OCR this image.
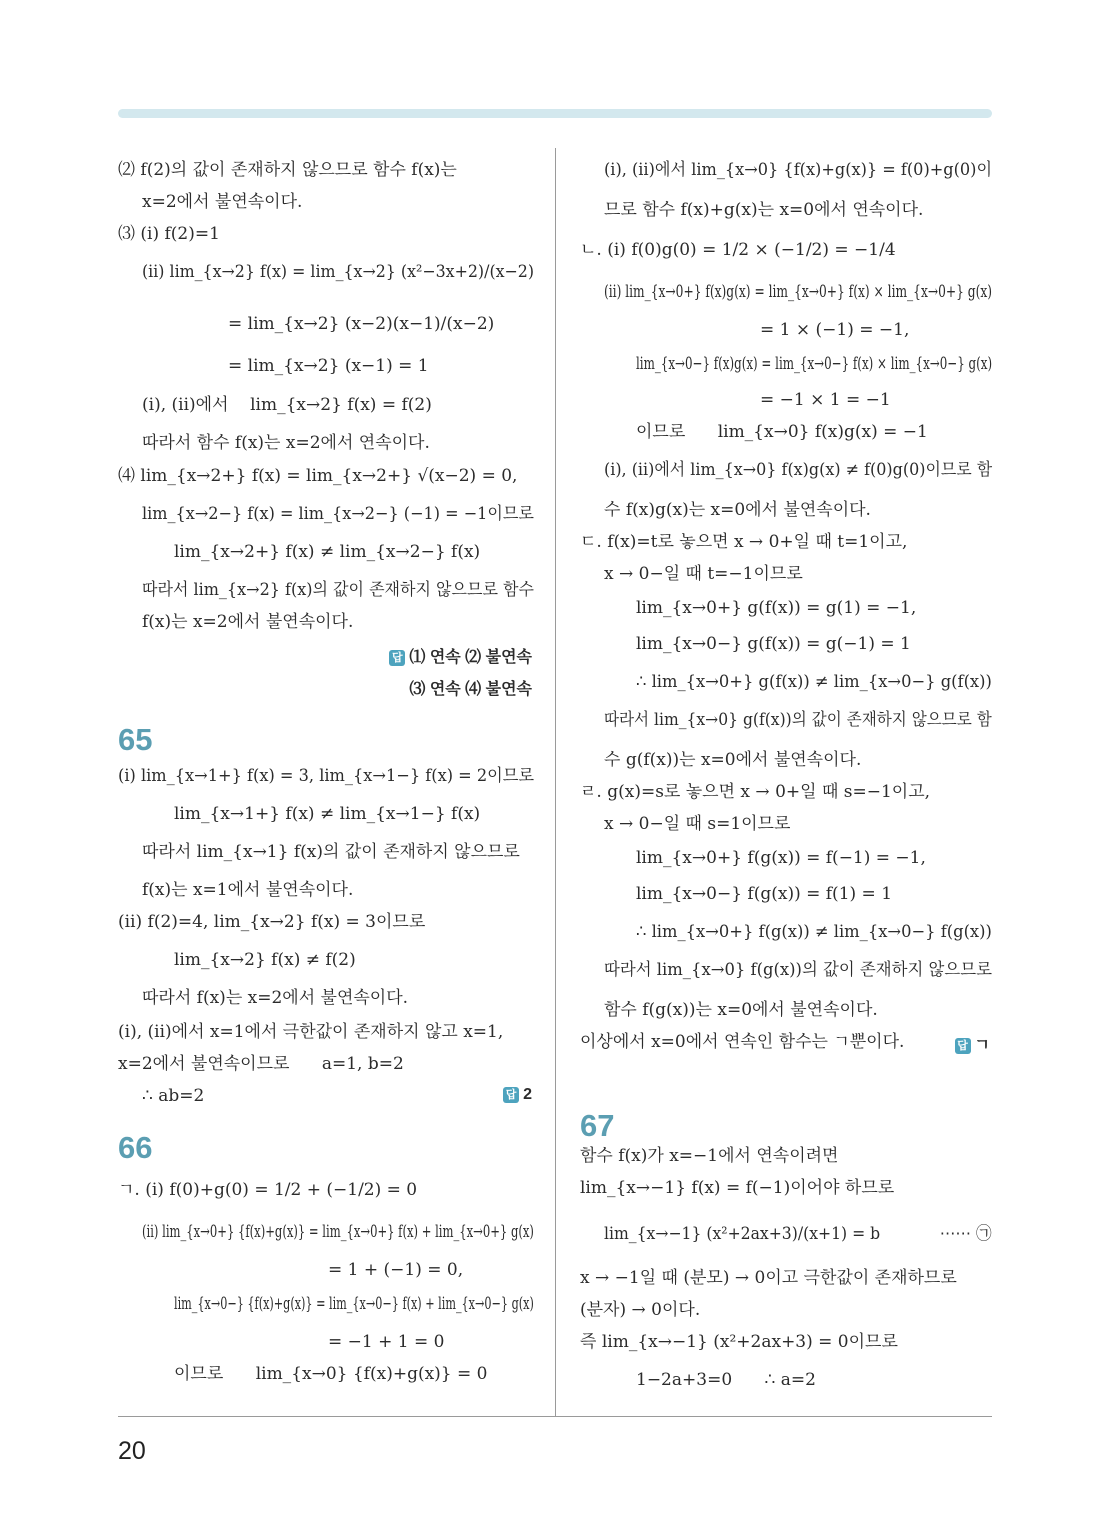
20
⑵ f(2)의 값이 존재하지 않으므로 함수 f(x)는
x=2에서 불연속이다.
⑶ (ⅰ) f(2)=1
(ⅱ) lim_{x→2} f(x) = lim_{x→2} (x²−3x+2)/(x−2)
= lim_{x→2} (x−2)(x−1)/(x−2)
= lim_{x→2} (x−1) = 1
(ⅰ), (ⅱ)에서    lim_{x→2} f(x) = f(2)
따라서 함수 f(x)는 x=2에서 연속이다.
⑷ lim_{x→2+} f(x) = lim_{x→2+} √(x−2) = 0,
lim_{x→2−} f(x) = lim_{x→2−} (−1) = −1이므로
lim_{x→2+} f(x) ≠ lim_{x→2−} f(x)
따라서 lim_{x→2} f(x)의 값이 존재하지 않으므로 함수
f(x)는 x=2에서 불연속이다.
답 ⑴ 연속 ⑵ 불연속
⑶ 연속 ⑷ 불연속
65
(ⅰ) lim_{x→1+} f(x) = 3, lim_{x→1−} f(x) = 2이므로
lim_{x→1+} f(x) ≠ lim_{x→1−} f(x)
따라서 lim_{x→1} f(x)의 값이 존재하지 않으므로
f(x)는 x=1에서 불연속이다.
(ⅱ) f(2)=4, lim_{x→2} f(x) = 3이므로
lim_{x→2} f(x) ≠ f(2)
따라서 f(x)는 x=2에서 불연속이다.
(ⅰ), (ⅱ)에서 x=1에서 극한값이 존재하지 않고 x=1,
x=2에서 불연속이므로      a=1, b=2
∴ ab=2	답 2
66
ㄱ. (ⅰ) f(0)+g(0) = 1/2 + (−1/2) = 0
(ⅱ) lim_{x→0+} {f(x)+g(x)} = lim_{x→0+} f(x) + lim_{x→0+} g(x)
= 1 + (−1) = 0,
lim_{x→0−} {f(x)+g(x)} = lim_{x→0−} f(x) + lim_{x→0−} g(x)
= −1 + 1 = 0
이므로      lim_{x→0} {f(x)+g(x)} = 0
(ⅰ), (ⅱ)에서 lim_{x→0} {f(x)+g(x)} = f(0)+g(0)이
므로 함수 f(x)+g(x)는 x=0에서 연속이다.
ㄴ. (ⅰ) f(0)g(0) = 1/2 × (−1/2) = −1/4
(ⅱ) lim_{x→0+} f(x)g(x) = lim_{x→0+} f(x) × lim_{x→0+} g(x)
= 1 × (−1) = −1,
lim_{x→0−} f(x)g(x) = lim_{x→0−} f(x) × lim_{x→0−} g(x)
= −1 × 1 = −1
이므로      lim_{x→0} f(x)g(x) = −1
(ⅰ), (ⅱ)에서 lim_{x→0} f(x)g(x) ≠ f(0)g(0)이므로 함
수 f(x)g(x)는 x=0에서 불연속이다.
ㄷ. f(x)=t로 놓으면 x → 0+일 때 t=1이고,
x → 0−일 때 t=−1이므로
lim_{x→0+} g(f(x)) = g(1) = −1,
lim_{x→0−} g(f(x)) = g(−1) = 1
∴ lim_{x→0+} g(f(x)) ≠ lim_{x→0−} g(f(x))
따라서 lim_{x→0} g(f(x))의 값이 존재하지 않으므로 함
수 g(f(x))는 x=0에서 불연속이다.
ㄹ. g(x)=s로 놓으면 x → 0+일 때 s=−1이고,
x → 0−일 때 s=1이므로
lim_{x→0+} f(g(x)) = f(−1) = −1,
lim_{x→0−} f(g(x)) = f(1) = 1
∴ lim_{x→0+} f(g(x)) ≠ lim_{x→0−} f(g(x))
따라서 lim_{x→0} f(g(x))의 값이 존재하지 않으므로
함수 f(g(x))는 x=0에서 불연속이다.
이상에서 x=0에서 연속인 함수는 ㄱ뿐이다.	답 ㄱ
67
함수 f(x)가 x=−1에서 연속이려면
lim_{x→−1} f(x) = f(−1)이어야 하므로
lim_{x→−1} (x²+2ax+3)/(x+1) = b            ⋯⋯ ㉠
x → −1일 때 (분모) → 0이고 극한값이 존재하므로
(분자) → 0이다.
즉 lim_{x→−1} (x²+2ax+3) = 0이므로
1−2a+3=0      ∴ a=2
